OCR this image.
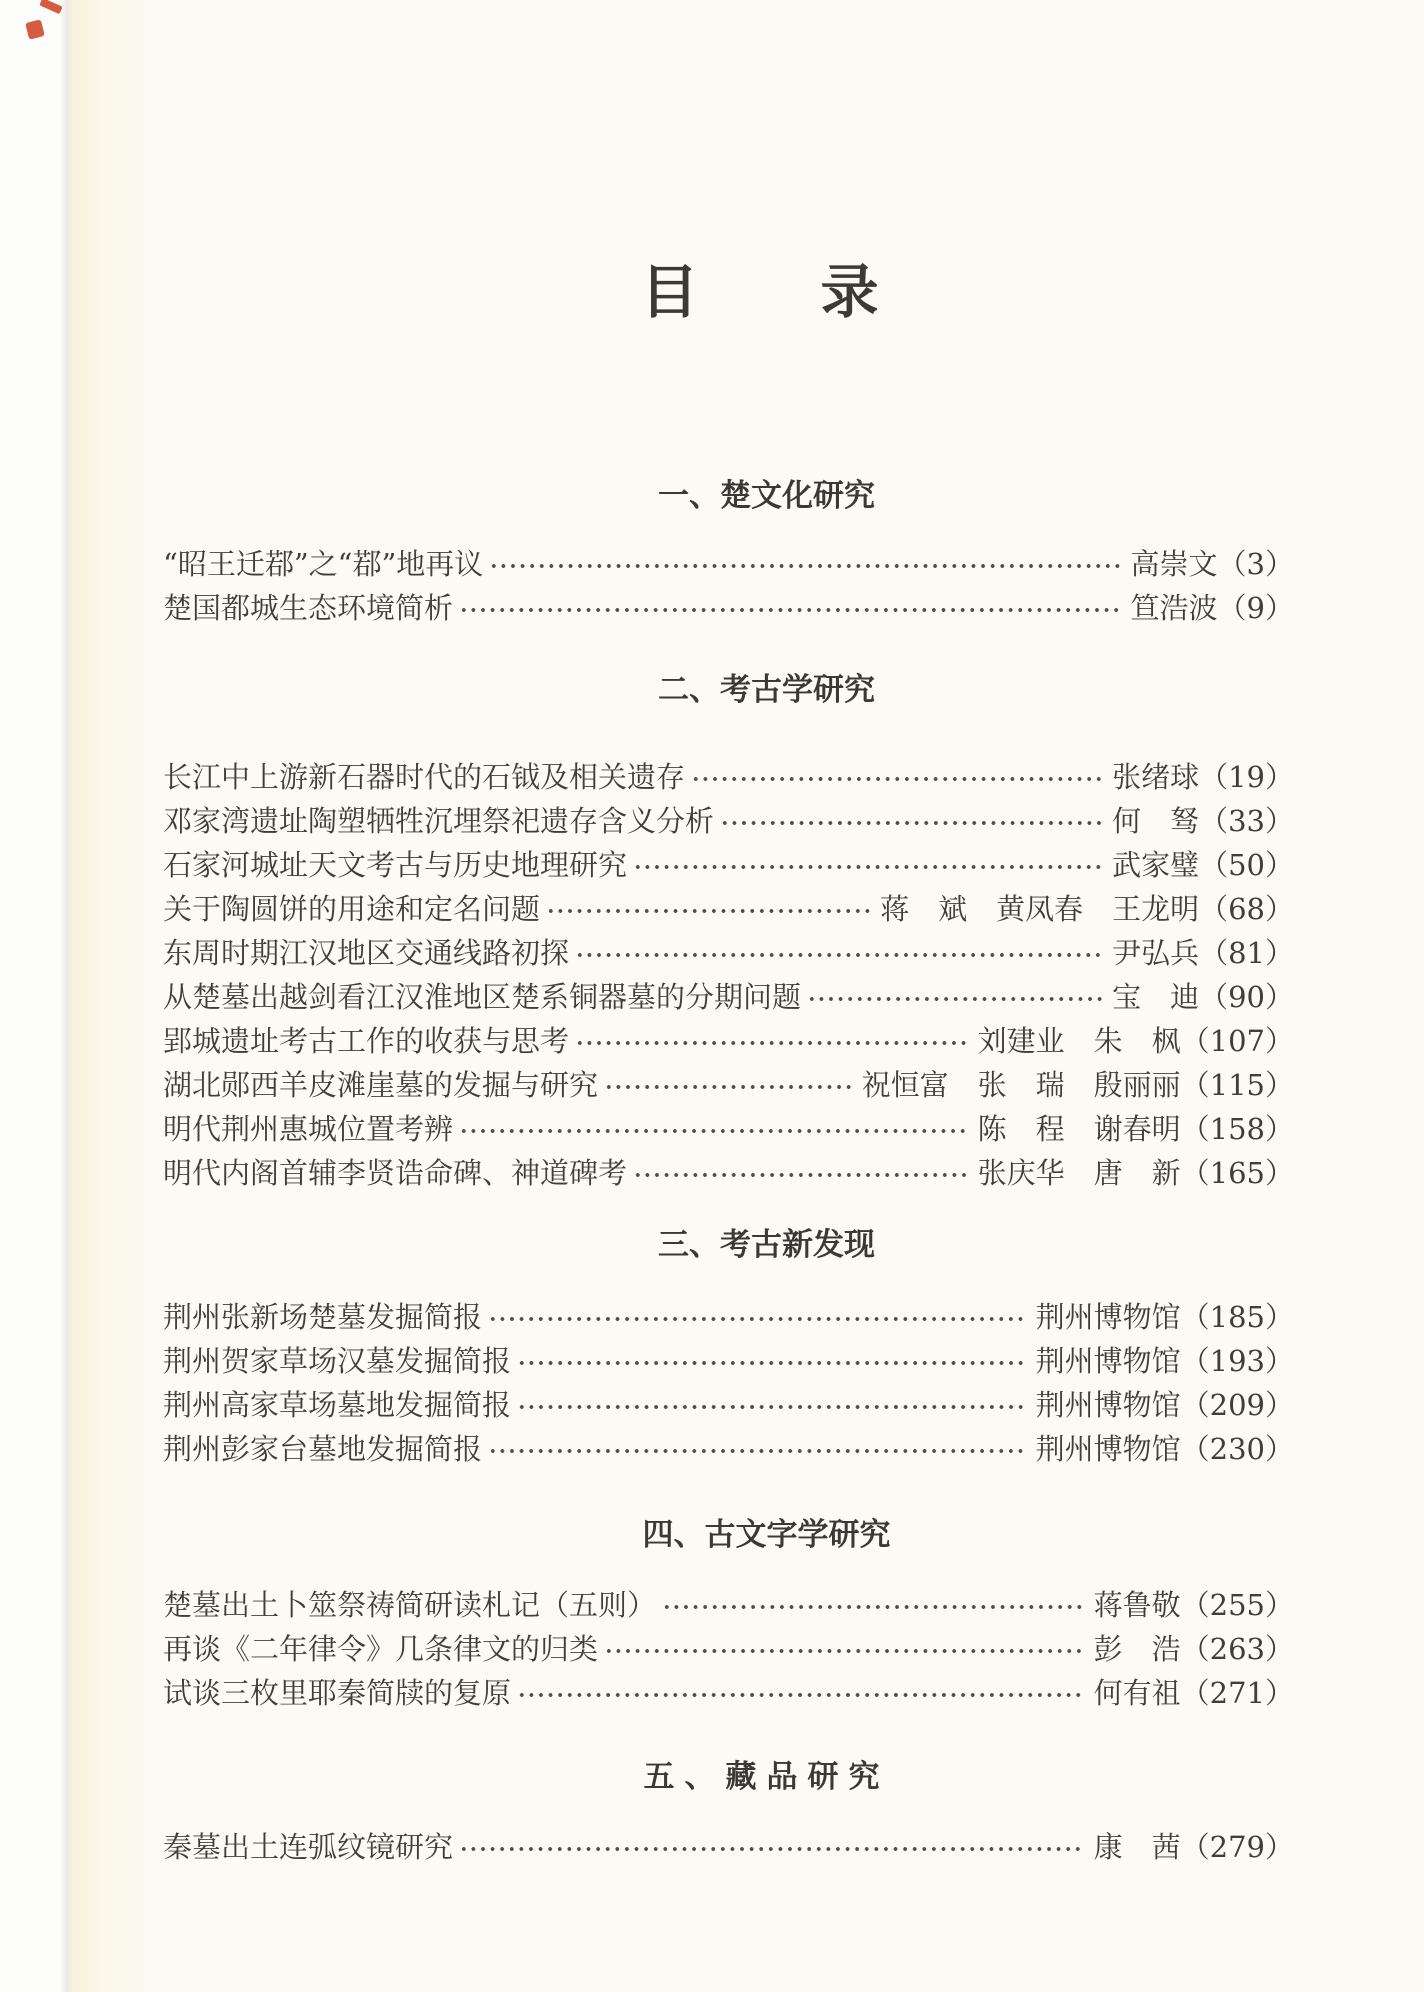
目　　录
一、楚文化研究
“昭王迁鄀”之“鄀”地再议	高崇文（3）
楚国都城生态环境简析	笪浩波（9）
二、考古学研究
长江中上游新石器时代的石钺及相关遗存	张绪球（19）
邓家湾遗址陶塑牺牲沉埋祭祀遗存含义分析	何　驽（33）
石家河城址天文考古与历史地理研究	武家璧（50）
关于陶圆饼的用途和定名问题	蒋　斌　黄凤春　王龙明（68）
东周时期江汉地区交通线路初探	尹弘兵（81）
从楚墓出越剑看江汉淮地区楚系铜器墓的分期问题	宝　迪（90）
郢城遗址考古工作的收获与思考	刘建业　朱　枫（107）
湖北郧西羊皮滩崖墓的发掘与研究	祝恒富　张　瑞　殷丽丽（115）
明代荆州惠城位置考辨	陈　程　谢春明（158）
明代内阁首辅李贤诰命碑、神道碑考	张庆华　唐　新（165）
三、考古新发现
荆州张新场楚墓发掘简报	荆州博物馆（185）
荆州贺家草场汉墓发掘简报	荆州博物馆（193）
荆州高家草场墓地发掘简报	荆州博物馆（209）
荆州彭家台墓地发掘简报	荆州博物馆（230）
四、古文字学研究
楚墓出土卜筮祭祷简研读札记（五则）	蒋鲁敬（255）
再谈《二年律令》几条律文的归类	彭　浩（263）
试谈三枚里耶秦简牍的复原	何有祖（271）
五、藏品研究
秦墓出土连弧纹镜研究	康　茜（279）
